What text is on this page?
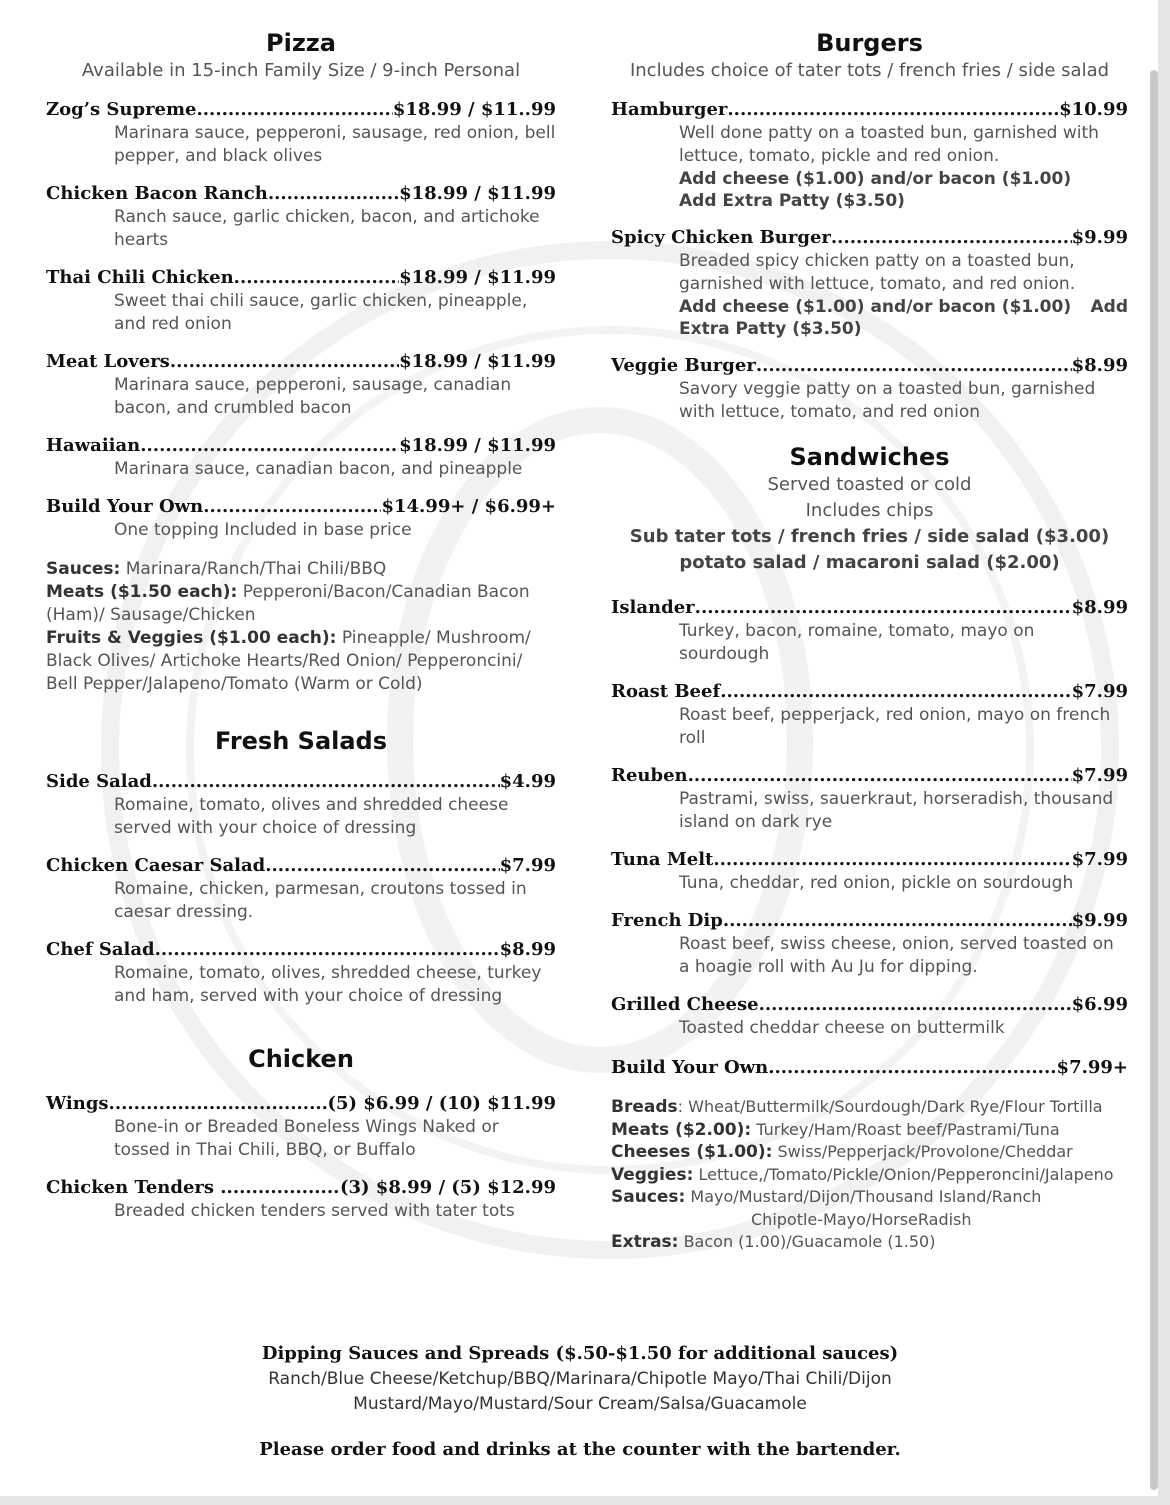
Pizza
Available in 15-inch Family Size / 9-inch Personal
Zog’s Supreme .....	$18.99 / $11..99
Marinara sauce, pepperoni, sausage, red onion, bell pepper, and black olives
Chicken Bacon Ranch .....	$18.99 / $11.99
Ranch sauce, garlic chicken, bacon, and artichoke hearts
Thai Chili Chicken .....	$18.99 / $11.99
Sweet thai chili sauce, garlic chicken, pineapple, and red onion
Meat Lovers .....	$18.99 / $11.99
Marinara sauce, pepperoni, sausage, canadian bacon, and crumbled bacon
Hawaiian .....	$18.99 / $11.99
Marinara sauce, canadian bacon, and pineapple
Build Your Own .....	$14.99+ / $6.99+
One topping Included in base price
Sauces: Marinara/Ranch/Thai Chili/BBQ
Meats ($1.50 each): Pepperoni/Bacon/Canadian Bacon (Ham)/ Sausage/Chicken
Fruits & Veggies ($1.00 each): Pineapple/ Mushroom/ Black Olives/ Artichoke Hearts/Red Onion/ Pepperoncini/ Bell Pepper/Jalapeno/Tomato (Warm or Cold)
Fresh Salads
Side Salad .....	$4.99
Romaine, tomato, olives and shredded cheese served with your choice of dressing
Chicken Caesar Salad .....	$7.99
Romaine, chicken, parmesan, croutons tossed in caesar dressing.
Chef Salad .....	$8.99
Romaine, tomato, olives, shredded cheese, turkey and ham, served with your choice of dressing
Chicken
Wings .....	(5) $6.99 / (10) $11.99
Bone-in or Breaded Boneless Wings Naked or tossed in Thai Chili, BBQ, or Buffalo
Chicken Tenders .....	(3) $8.99 / (5) $12.99
Breaded chicken tenders served with tater tots
Burgers
Includes choice of tater tots / french fries / side salad
Hamburger .....	$10.99
Well done patty on a toasted bun, garnished with lettuce, tomato, pickle and red onion.
Add cheese ($1.00) and/or bacon ($1.00)
Add Extra Patty ($3.50)
Spicy Chicken Burger .....	$9.99
Breaded spicy chicken patty on a toasted bun, garnished with lettuce, tomato, and red onion.
Add cheese ($1.00) and/or bacon ($1.00) Add
Extra Patty ($3.50)
Veggie Burger .....	$8.99
Savory veggie patty on a toasted bun, garnished with lettuce, tomato, and red onion
Sandwiches
Served toasted or cold
Includes chips
Sub tater tots / french fries / side salad ($3.00)
potato salad / macaroni salad ($2.00)
Islander .....	$8.99
Turkey, bacon, romaine, tomato, mayo on sourdough
Roast Beef .....	$7.99
Roast beef, pepperjack, red onion, mayo on french roll
Reuben .....	$7.99
Pastrami, swiss, sauerkraut, horseradish, thousand island on dark rye
Tuna Melt .....	$7.99
Tuna, cheddar, red onion, pickle on sourdough
French Dip .....	$9.99
Roast beef, swiss cheese, onion, served toasted on a hoagie roll with Au Ju for dipping.
Grilled Cheese .....	$6.99
Toasted cheddar cheese on buttermilk
Build Your Own .....	$7.99+
Breads: Wheat/Buttermilk/Sourdough/Dark Rye/Flour Tortilla
Meats ($2.00): Turkey/Ham/Roast beef/Pastrami/Tuna
Cheeses ($1.00): Swiss/Pepperjack/Provolone/Cheddar
Veggies: Lettuce,/Tomato/Pickle/Onion/Pepperoncini/Jalapeno
Sauces: Mayo/Mustard/Dijon/Thousand Island/Ranch
Chipotle-Mayo/HorseRadish
Extras: Bacon (1.00)/Guacamole (1.50)
Dipping Sauces and Spreads ($.50-$1.50 for additional sauces)
Ranch/Blue Cheese/Ketchup/BBQ/Marinara/Chipotle Mayo/Thai Chili/Dijon
Mustard/Mayo/Mustard/Sour Cream/Salsa/Guacamole
Please order food and drinks at the counter with the bartender.
